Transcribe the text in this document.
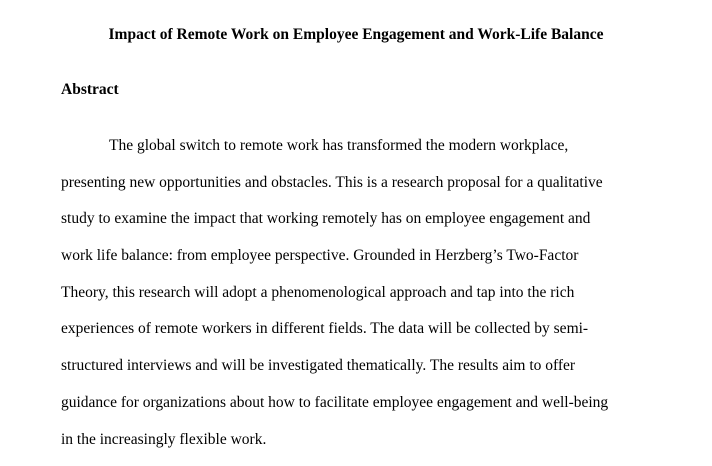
Impact of Remote Work on Employee Engagement and Work-Life Balance
Abstract
The global switch to remote work has transformed the modern workplace,
presenting new opportunities and obstacles. This is a research proposal for a qualitative
study to examine the impact that working remotely has on employee engagement and
work life balance: from employee perspective. Grounded in Herzberg’s Two-Factor
Theory, this research will adopt a phenomenological approach and tap into the rich
experiences of remote workers in different fields. The data will be collected by semi-
structured interviews and will be investigated thematically. The results aim to offer
guidance for organizations about how to facilitate employee engagement and well-being
in the increasingly flexible work.
